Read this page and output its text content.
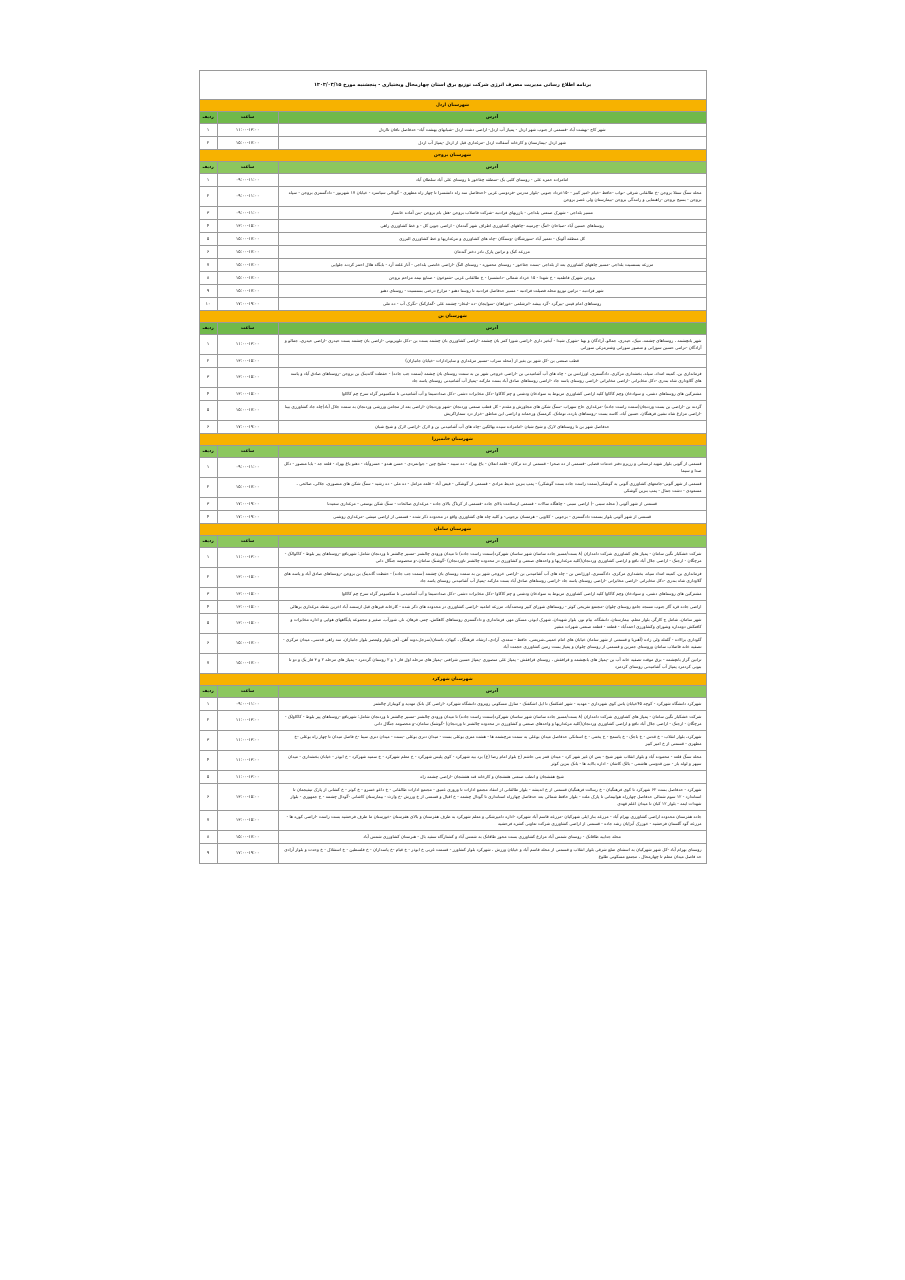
برنامه اطلاع رسانی مدیریت مصرف انرژی شرکت توزیع برق استان چهارمحال وبختیاری - پنجشنبه مورخ ۱۴۰۴/۰۳/۱۵		
شهرستان اردل		
آدرس	ساعت	ردیف
شهر کاج -بهشت آباد -قسمتی از جنوب شهر اردل - پمپاژ آب اردل- اراضی دشت اردل -شبانهای بهشت آباد- حدفاصل نافان تااردل	۱۱:۰۰-۱۳:۰۰	۱
شهر اردل -بیمارستان و کارخانه آسفالت اردل -مرغداری قبل از اردل -پمپاژ آب اردل	۱۵:۰۰-۱۷:۰۰	۲
شهرستان بروجن		
آدرس	ساعت	ردیف
امامزاده حمزه علی - روستای کلبی بک -منطقه چغاخور تا روستای علی آباد سلطان آباد	۰۹:۰۰-۱۱:۰۰	۱
محله سنگ سفلا بروجن -خ طالقانی شرقی -نواب -حافظ -خیام -امیر کبیر - -۱۵خرداد جنوبی -بلوار مدرس -فردوسی غربی -احدفاصل سه راه دانشسرا تا چهار راه مطهری - گودالی سیاسرد - خیابان ۱۷ شهریور - دادگستری بروجن - سپاه بروجن - بسیج بروجن -راهنمایی و رانندگی بروجن -بیمارستان ولی عصر بروجن	۰۹:۰۰-۱۱:۰۰	۲
مسیر بلداجی - شهرک صنعتی بلداجی - بازریهای فرادنبه -شرکت فاضلاب بروجن -هتل بام بروجن -بتن آماده خانسار	۰۹:۰۰-۱۱:۰۰	۳
روستاهای حسین آباد -صباحان -اتنگ -چرمینه -چاههای کشاورزی اطراف شهر گندمان - اراضی جوین کل - و خط کشاورزی راهی	۱۳:۰۰-۱۵:۰۰	۴
کل منطقه آلونک - تعمیر آباد -سورشگان -وسنگان -چاه های کشاورزی و مرغداریها و خط کشاورزی البرزی	۱۵:۰۰-۱۷:۰۰	۵
مزرعه کبک و تراتین پارک نادر دختر گندمان	۱۵:۰۰-۱۷:۰۰	۶
مزرعه بستسیت بلداجی -مسیر چاههای کشاورزی بعد از بلداجی -بست جغاخور - روستای محموره - روستای النگ -اراضی خانصی بلداجی - آثار غلعه آرد - بابگاه هلال احمر کردند جلوایی	۱۵:۰۰-۱۷:۰۰	۷
بروجن شهرک فاطمیه - خ شهدا - ۱۵ خرداد شمالی -دانشسرا - خ طالقانی غربی -شتوخون - صنایع نیمه مزاحم بروجن	۱۵:۰۰-۱۷:۰۰	۸
شهر فرادنبه - تراتین توزیع محله فضیلت فرادنبه - مسیر حدفاصل فرادنبه تا روستا دهنو - مزارع درختی بستسیت - روستای دهنو	۱۵:۰۰-۱۷:۰۰	۹
روستاهای امام قیس -بیرگرد -گرد بیشه -اترشلمی -خوراهان -سوایجان -ده -لبخاز- چشمه علی -گمارکنک -نگرک آب - ده ملی	۱۷:۰۰-۱۹:۰۰	۱۰
شهرستان بن		
آدرس	ساعت	ردیف
شهر بانچشمه ، روستاهای چشمه، نتیک، حیدری، جمالو، آزادگان و بهنا -شهرک شیدا - آبخیز داری -اراضی شورا کمر بان چشمه -اراضی کشاورزی بان چشمه بست بن -دکل تلویزیونی -اراضی بان چشمه بست حیدری -اراضی حیدری، جمالو و آزادگان -تراتنی حسین سورانی و منصور سورانی وشترمرغی سورانی	۱۱:۰۰-۱۳:۰۰	۱
قطب صنعتی بن -کل شهر بن بغیر از (محله سراب -مسیر مرغداری و سایرادارات -خیابان جانباران)	۱۳:۰۰-۱۵:۰۰	۲
فرمانداری بن، کمیته امداد، سپاه، بخشداری مرکزی، دادگستری، اورژانس بن - چاه های آب آشامیدنی بن -اراضی خروجی شهر بن به سمت روستای بان چشمه (سمت جب جاده) - حفظت گاندینک بن بروجن -روستاهای صادق آباد و یاسه های گلاوداری شاه بندری -دکل مخابراتی -اراضی مخابراتی -اراضی روستای یاسه جاد -اراضی روستاهای صادق آباد بست مارکنه -پمپاژ آب آشامیدنی روستای یاسه جاد	۱۳:۰۰-۱۵:۰۰	۳
مشترکین های روستاهای دشتی، و سوادخان وچم کاکاوا کلیه اراضی کشاورزی مربوط به سوادخان ودشتی و چم کاکاوا -دکل مخابرات دشتی -دکل صدادسیما و آب آشامیدنی تا سکمبومر گراه سرخ چم کاکاوا	۱۳:۰۰-۱۵:۰۰	۴
گردنه بن -اراضی بن بست وردنجان(سمت راست جاده) -مرغداری حاج سهراب -سنگ شکن های مجاورش و مقدم - کل قطب صنعتی وردنجان -شهر وردنجان -اراضی بعد از مجامن ورزشی وردنجان به سمت جلال آباد(چاه جاد کشاورزی بینا -اراضی مزارع شاه نشین فرهنگان، حسین آباد، کاسه بست -روستاهای بارده، توماتک، کرمسک ورحمانه و اراضی این مناطق -خزاز درد سماراکریش	۱۵:۰۰-۱۷:۰۰	۵
حدفاصل شهر بن تا روستاهای لارک و شیخ شبان -امامزاده سیده بهالکین -چاه های آب آشامیدنی بن و لارک -اراضی لارک و شیخ شبان	۱۷:۰۰-۱۹:۰۰	۶
شهرستان خانمیرزا		
آدرس	ساعت	ردیف
قسمتی از آلونی بلوار شهید لرستانی و رزیرو دفتر خدمات قضایی -قسمتی از ده صحرا - قسمتی از ده ترکان - قلعه انعلان - باغ بهزاد - ده سیبه - سلیخ چین - جوانمردی - حسن هندو - حسروآباد - دهنو باغ بهزاد - قلعه جه - بابا منصور - دکل صدا و سیما	۰۹:۰۰-۱۱:۰۰	۱
قسمتی از شهر آلونی-جامعهای کشاورزی آلونی به گوشکی(سمت راست جاده بست گوشکی) - پمپ بنزین خدیظ مرادی - قسمتی از گوشکی - فیض آباد - قلعه مزامل - ده ملی - ده رشید - سنگ شکن های منصوری، جلالی، صالحی ، مسعودی - دشت جمال - پمپ بنزین گوشکی	۱۵:۰۰-۱۷:۰۰	۲
قسمتی از شهر آلونی ( محله سبنی -) اراضی سبنی - چاهگاه سالات - قسمتی ازسلامت بالای جاده -قسمتی از کرناگ بالای جاده - مرغداری صالحات - سنگ شکن بوسعی - مرغداری سعیدنا	۱۷:۰۰-۱۹:۰۰	۳
قسمتی از شهر آلونی بلوار بسمت دادگستری - برجوبی - کلاویی - هرمسان برجوبی- و کلیه چاه های کشاورزی واقع در محدوده ذکر شده - قسمتی از اراضی میشی -مرغداری روشنی	۱۷:۰۰-۱۹:۰۰	۴
شهرستان سامان		
آدرس	ساعت	ردیف
شرکت خشکبار نگین سامان - پمپاژ های کشاورزی شرکت دامداران (۸ بست/مسیر جاده ساسان شهر ساسان شهرکرد(سمت راست جاده) تا میدان ورودی چالشتر -مسیر چالشتر تا وردنجان شامل: شهرنافع -روستاهای پیر بلوط - کاکوالک - مرچگان - ارجنک - اراضی جلال آباد نافع و اراضی کشاورزی وردنجان(کلیه مرغداریها و واحدهای صنعتی و کشاورزی در محدوده چالشتر تاوردنجان) -گوشنک سامان،-و محصومه جنگال دانی	۱۱:۰۰-۱۳:۰۰	۱
فرمانداری بن، کمیته امداد سپاه، بخشداری مرکزی، دادگستری، اورژانس بن - چاه های آب آشامیدنی بن -اراضی خروجی شهر بن به سمت روستای بان چشمه (سمت جب جاده) - حفظت گاندینک بن بروجن -روستاهای صادق آباد و یاسه های گلاوداری شاه بندری -دکل مخابراتی -اراضی مخابراتی -اراضی روستای یاسه جاد -اراضی روستاهای صادق آباد بست مارکنه -پمپاژ آب آشامیدنی روستای یاسه جاد	۱۳:۰۰-۱۵:۰۰	۲
مشترکین های روستاهای دشتی، و سوادخان وچم کاکاوا کلیه اراضی کشاورزی مربوط به سوادخان ودشتی و چم کاکاوا -دکل مخابرات دشتی -دکل صدادسیما و آب آشامیدنی تا سکمبومر گراه سرخ چم کاکاوا	۱۳:۰۰-۱۵:۰۰	۳
اراضی جاده قره گاز جنوب مسجد جامع روستای چلوان -مجتمع تفریحی کوثر - روستاهای شورای کبیر ومحمدآباد، مزرعه امامیه -اراضی کشاورزی در محدوده های ذکر شده - کارخانه قیرهای قبل ازسمند آباد اخرین نقطه مرغداری برهالی	۱۳:۰۰-۱۵:۰۰	۴
شهر سامان، شامل ج کارگر، بلوار معلم، بیمارستان، دانشگاه، بیام نور، بلوار شهیدان، شهرک ابوذر، مسکن مهر، فرمانداری و دادگستری روستاهای کاهکش، چمر، فرهان، نار، شورآب، صغیر و مجموعه پایگاههای هوایی و اداره مخابرات و کافتکش دومداره وشورای وکشاورزی احمدآباد - قطعه - قطعه صنعتی شهرات منفیر	۱۳:۰۰-۱۵:۰۰	۵
گلوداری برالاده - گلمله ولی زاده (آهنربا و قسمتی از شهر سامان خیابان های امام خمینی،شریعتی، حافظ - سعدی، آزادی، ارشاد، فرهنگک ، کیهان، باستان(سرجل،دونه آهن، آهن بلوار ولیعصر بلوار جانبازان، سه راهی قدسی، میدان مرکزی - تصفیه خانه فاضلاب سامان وروستای جمرین و قسمتی از روستای چلوان و پمپاژ بست زمین کشاورزی حجمت آباد	۱۵:۰۰-۱۷:۰۰	۶
تراتین گراز بانچشمه - برق موقت تصفیه خانه آب بن -پمپاژ های بانچشمه و قرافقش ، روستای قرافقش - پمپاژ علی منصوری -پمپاژ حسین شرافتی -پمپاژ های مرحله اول فاز ۱ و ۲ روستان گردمرد - پمپاژ های مرحله ۲ و ۳ فاز یک و دو تا بتونی کردمرد پمپاژ آب آشامیدنی روستای کردمرد	۱۵:۰۰-۱۷:۰۰	۷
شهرستان شهرکرد		
آدرس	ساعت	ردیف
شهرکرد دانشگاه شهرکرد - کوچه ۴۵خیابان یاس کوی شهرداری - مهدیه - شهر اشکفتک تا ایل اشکفتک - منازل مسکونی روبروی دانشگاه شهرکرد -اراضی کل بانک مهدیه و کویبازار چالشتر	۰۹:۰۰-۱۱:۰۰	۱
شرکت خشکبار نگین سامان - پمپاژ های کشاورزی شرکت دامداران (۸ بست/مسیر جاده ساسان شهر ساسان شهرکرد(سمت راست جاده) تا میدان ورودی چالشتر -مسیر چالشتر تا وردنجان شامل: شهرنافع -روستاهای پیر بلوط - کاکاولک - مرچگان - ارجنک - اراضی جلال آباد نافع و اراضی کشاورزی وردنجان(کلیه مرغداریها و واحدهای صنعتی و کشاورزی در محدوده چالشتر تا وردنجان) -گوشنک سامان،-و محصومه جنگال دانی	۱۱:۰۰-۱۳:۰۰	۲
شهرکرد، بلوار انقلاب - خ قدس - خ باجک - خ یاسمج - خ یخمی - خ استانکی حدفاصل میدان بوعلی به سمت مرچشمه ها - هشت متری بوعلی بست - میدان دنری بوعلی -بست - میدان دنری سینا -خ فاصل میدان تا چهار راه بوعلی -خ مطهری - قسمتی از خ امیر کبیر	۱۱:۰۰-۱۳:۰۰	۳
محله سنگ قلعه - محموده آباد و بلوار انقلاب شهر شیخ - بس ان غیر شهر کرد - میدان قمر بنی حاشم (خ بلوار امام رضا (ع) برد بیه شهرکرد - کوی پلیس شهرکرد - خ معلم شهرکرد - خ سمیه شهرکرد - خ ابوذر - خیابان بخشداری - میدان سپهر و لوله باز - نبین قدوسی هاشمی - بالک کاشان - اداره بالابه ها - بانک بنزین کوثر	۱۱:۰۰-۱۳:۰۰	۴
شیخ هفشجان و انطب صنعتی هفشجان و کارخانه قند هفشجان -اراضی چشمه زاه	۱۱:۰۰-۱۳:۰۰	۵
شهرکرد - حدفاصل بست ۶۲ شهرکرد تا کوی فرهنگیان - خ رسالت فرهنگیان قسمتی از خ اندیشه - بلوار طالقانی از انتقاد مجتمع ادارات تا وروزی عمیق - مجتمع ادارات طالقانی - خ داعو خسرو - خ کوثر - خ کشانی از پارک تیفیجمان تا استاندارد - ۱۲ سوم شمالی حدفاصل چهارراه هوابیمانی تا پارک ملت - بلوار حافظ شمالی بعد حدفاصل چهارراه استانداری تا گودال چشمه - خ اقبال و قسمتی از خ ورزش -خ وارث - بیمارستان کاشانی -گودال چشمه - خ جمهوری - بلوار شهدات ایمه - بلوار ۱۲ کبان تا میدان اعلم قهدی	۱۳:۰۰-۱۵:۰۰	۶
جاده هفزستان محدوده اراضی کشاورزی بهرام آباد - مزرعه بناز ایلی شهرکیان -مزرعه قاسم آباد شهرکرد -اداره دامپزشکی و معلم شهرکرد به طرف هفزستان و بالای هفزستان -خوزستان ما طرف فرحشیه بست راست -اراضی کوره ها - مزرعه گود گلستان فرحشیه - خوزرک آبزایان رشد جاده - قسمتی از اراضی کشاورزی شرکت تعاونی کشره فرحشیه	۱۳:۰۰-۱۵:۰۰	۷
محله جدابیه طاقانک - روستای شمس آباد مزارع کشاورزی بست محور طاقانک به شمس آباد و کشتارگاه سفید بال - هنرستان کشاورزی شمس آباد	۱۵:۰۰-۱۷:۰۰	۸
روستای بهرام آباد -کل شهر شهرکیان به استثنای ضلع شرقی بلوار انقلاب و قسمتی از محله قاسم آباد و خیابان ورزش ، شهرکرد بلوار کشاورز - قسمت غربی خ ابوذر - خ قیام -خ پاسداران - خ فلسطین - خ استقلال - خ وحدت و بلوار آزادی حد فاصل میدان معلم تا چهارمحال ، مجتمع مسکونی طلوع	۱۷:۰۰-۱۹:۰۰	۹
